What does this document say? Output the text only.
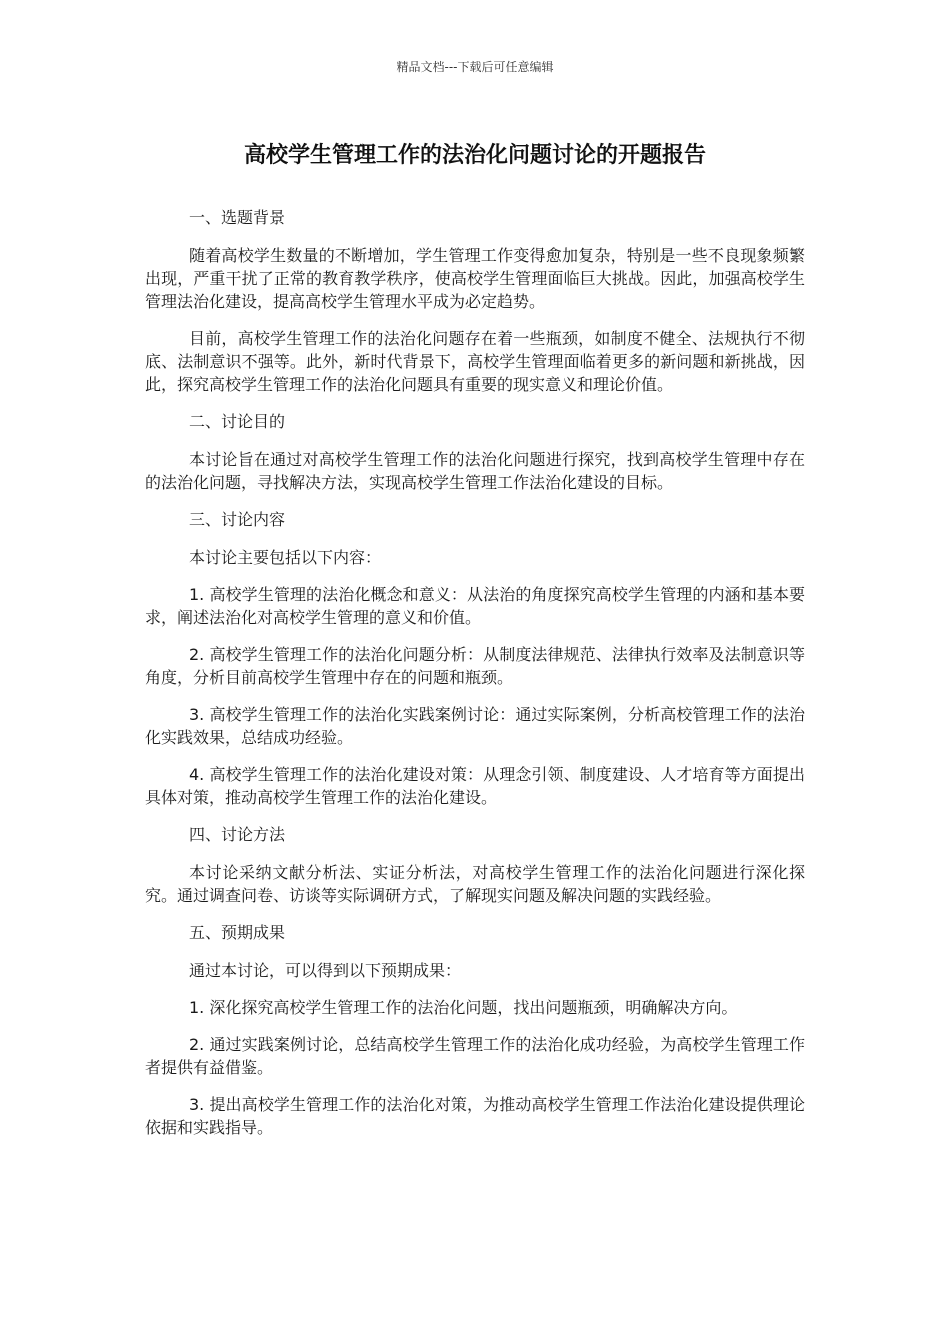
精品文档---下载后可任意编辑
高校学生管理工作的法治化问题讨论的开题报告

一、选题背景

随着高校学生数量的不断增加，学生管理工作变得愈加复杂，特别是一些不良现象频繁出现，严重干扰了正常的教育教学秩序，使高校学生管理面临巨大挑战。因此，加强高校学生管理法治化建设，提高高校学生管理水平成为必定趋势。

目前，高校学生管理工作的法治化问题存在着一些瓶颈，如制度不健全、法规执行不彻底、法制意识不强等。此外，新时代背景下，高校学生管理面临着更多的新问题和新挑战，因此，探究高校学生管理工作的法治化问题具有重要的现实意义和理论价值。

二、讨论目的

本讨论旨在通过对高校学生管理工作的法治化问题进行探究，找到高校学生管理中存在的法治化问题，寻找解决方法，实现高校学生管理工作法治化建设的目标。

三、讨论内容

本讨论主要包括以下内容：

1. 高校学生管理的法治化概念和意义：从法治的角度探究高校学生管理的内涵和基本要求，阐述法治化对高校学生管理的意义和价值。

2. 高校学生管理工作的法治化问题分析：从制度法律规范、法律执行效率及法制意识等角度，分析目前高校学生管理中存在的问题和瓶颈。

3. 高校学生管理工作的法治化实践案例讨论：通过实际案例，分析高校管理工作的法治化实践效果，总结成功经验。

4. 高校学生管理工作的法治化建设对策：从理念引领、制度建设、人才培育等方面提出具体对策，推动高校学生管理工作的法治化建设。

四、讨论方法

本讨论采纳文献分析法、实证分析法，对高校学生管理工作的法治化问题进行深化探究。通过调查问卷、访谈等实际调研方式，了解现实问题及解决问题的实践经验。

五、预期成果

通过本讨论，可以得到以下预期成果：

1. 深化探究高校学生管理工作的法治化问题，找出问题瓶颈，明确解决方向。

2. 通过实践案例讨论，总结高校学生管理工作的法治化成功经验，为高校学生管理工作者提供有益借鉴。

3. 提出高校学生管理工作的法治化对策，为推动高校学生管理工作法治化建设提供理论依据和实践指导。
